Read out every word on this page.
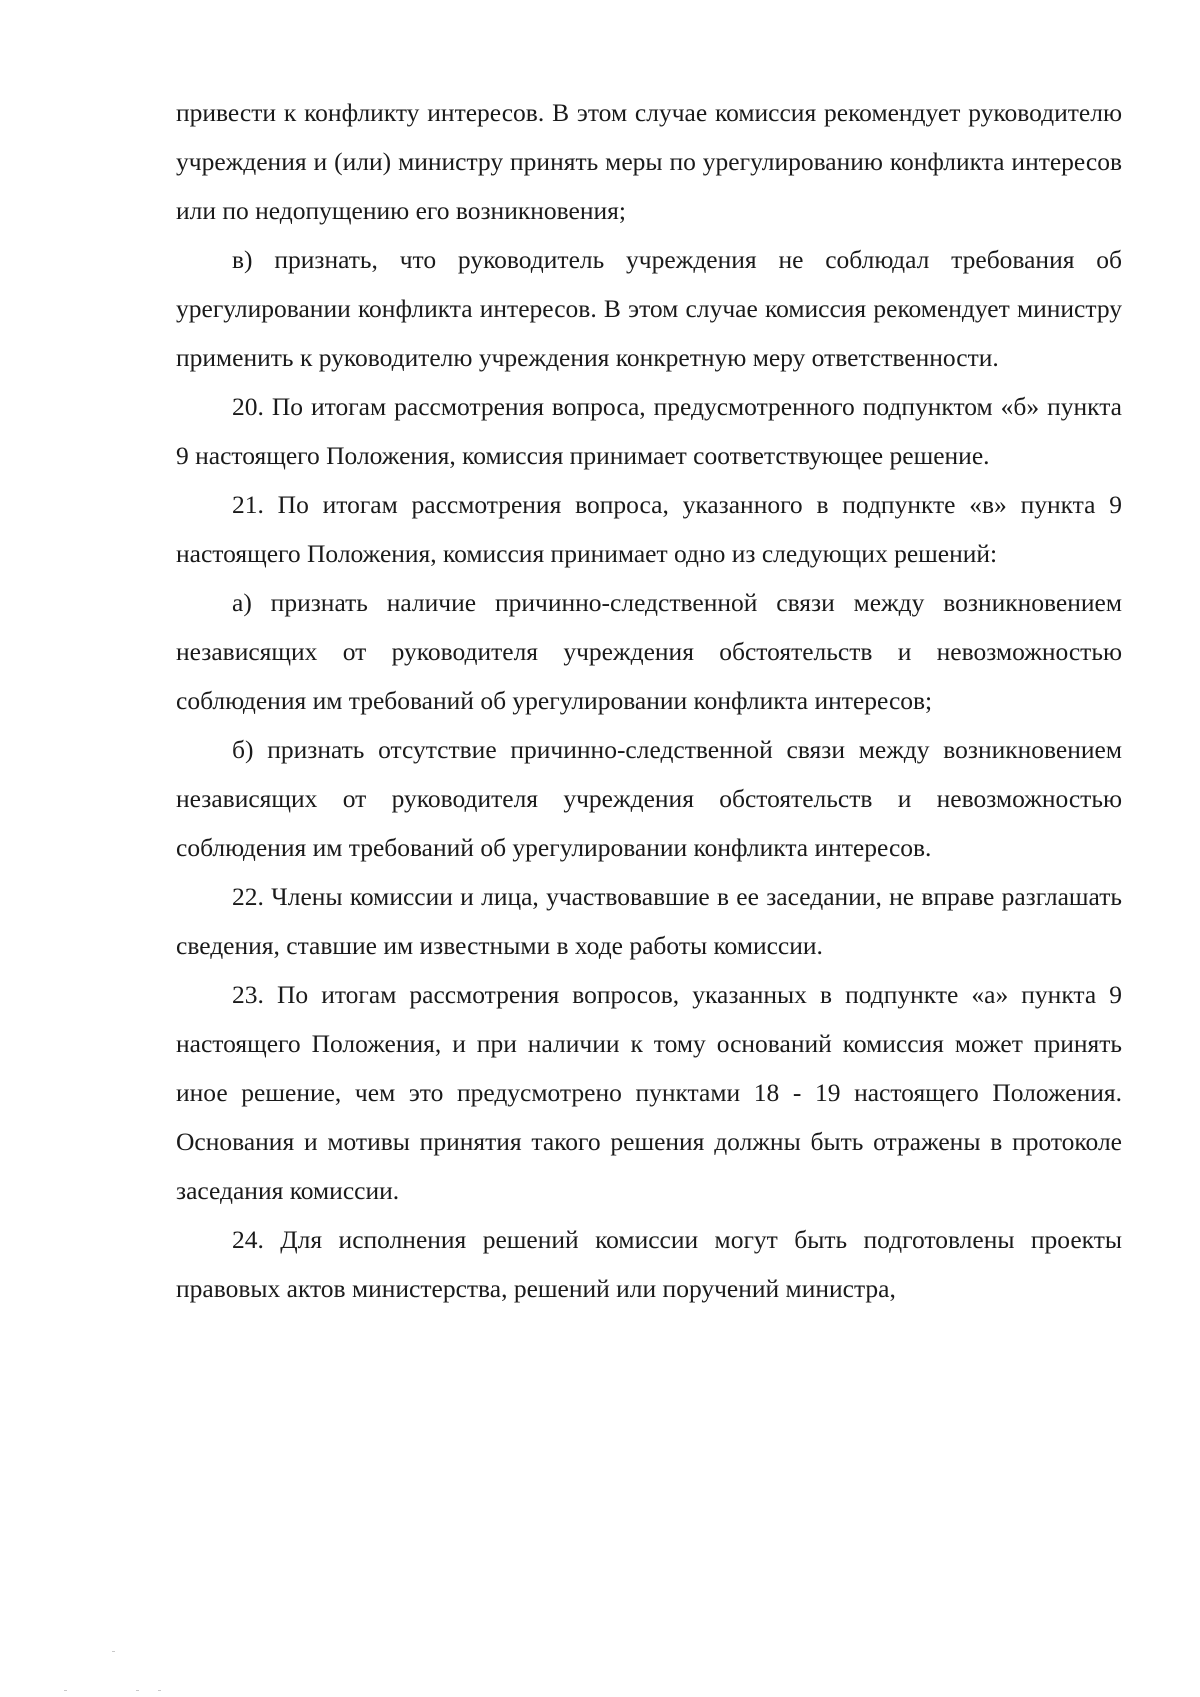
привести к конфликту интересов. В этом случае комиссия рекомендует руководителю учреждения и (или) министру принять меры по урегулированию конфликта интересов или по недопущению его возникновения;

в) признать, что руководитель учреждения не соблюдал требования об урегулировании конфликта интересов. В этом случае комиссия рекомендует министру применить к руководителю учреждения конкретную меру ответственности.

20. По итогам рассмотрения вопроса, предусмотренного подпунктом «б» пункта 9 настоящего Положения, комиссия принимает соответствующее решение.

21. По итогам рассмотрения вопроса, указанного в подпункте «в» пункта 9 настоящего Положения, комиссия принимает одно из следующих решений:

а) признать наличие причинно-следственной связи между возникновением независящих от руководителя учреждения обстоятельств и невозможностью соблюдения им требований об урегулировании конфликта интересов;

б) признать отсутствие причинно-следственной связи между возникновением независящих от руководителя учреждения обстоятельств и невозможностью соблюдения им требований об урегулировании конфликта интересов.

22. Члены комиссии и лица, участвовавшие в ее заседании, не вправе разглашать сведения, ставшие им известными в ходе работы комиссии.

23. По итогам рассмотрения вопросов, указанных в подпункте «а» пункта 9 настоящего Положения, и при наличии к тому оснований комиссия может принять иное решение, чем это предусмотрено пунктами 18 - 19 настоящего Положения. Основания и мотивы принятия такого решения должны быть отражены в протоколе заседания комиссии.

24. Для исполнения решений комиссии могут быть подготовлены проекты правовых актов министерства, решений или поручений министра,
